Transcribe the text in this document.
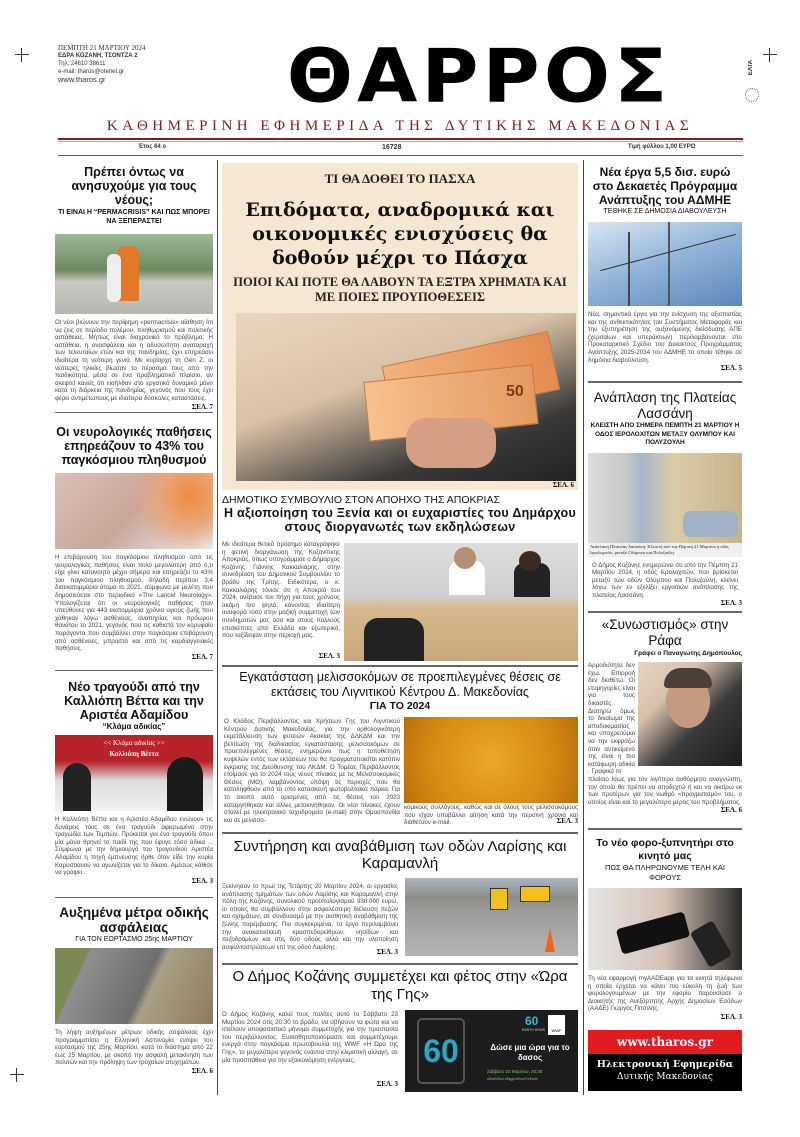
ΠΕΜΠΤΗ 21 ΜΑΡΤΙΟΥ 2024
ΕΔΡΑ ΚΟΖΑΝΗ, ΤΣΟΝΤΖΑ 2
Τηλ. 24610 38611
e-mail: tharos@otenet.gr
www.tharos.gr	ΘΑΡΡΟΣ	ΕΛΤΑ
ΚΑΘΗΜΕΡΙΝΗ ΕΦΗΜΕΡΙΔΑ ΤΗΣ ΔΥΤΙΚΗΣ ΜΑΚΕΔΟΝΙΑΣ
Έτος 64 ο	16728	Τιμή φύλλου 1,00 ΕΥΡΩ
Πρέπει όντως να ανησυχούμε για τους νέους;
ΤΙ ΕΙΝΑΙ Η “PERMACRISIS” ΚΑΙ ΠΩΣ ΜΠΟΡΕΙ ΝΑ ΞΕΠΕΡΑΣΤΕΙ
Οι νέοι βιώνουν την περίφημη «permacrisis» αίσθηση ότι να ζεις σε περίοδο πολέμου, πληθωρισμού και πολιτικής αστάθειας. Μήπως είναι διαχρονικό το πρόβλημα; Η αστάθεια, η ανασφάλεια και η αδυσώπητη αναταραχή των τελευταίων ετών και της πανδημίας, έχει επηρεάσει ιδιαίτερα τη νεότερη γενιά. Με κυρίαρχη τη Gen Z, οι νεότερες ηλικίες βίωσαν το πέρασμά τους από την παιδικότητα, μέσα σε ένα προβληματικό πλαίσιο, αν σκεφτεί κανείς ότι εισήλθαν στο εργατικό δυναμικό μόνο κατά τη διάρκεια της πανδημίας, γεγονός που τους έχει φέρει αντιμέτωπους με ιδιαίτερα δύσκολες καταστάσεις.
ΣΕΛ. 7
Οι νευρολογικές παθήσεις επηρεάζουν το 43% του παγκόσμιου πληθυσμού
Η επιβάρυνση του παγκόσμιου πληθυσμού από τις νευρολογικές παθήσεις είναι πολύ μεγαλύτερη από ό,τι είχε γίνει κατανοητό μέχρι σήμερα και επηρεάζει το 43% του παγκόσμιου πληθυσμού, δηλαδή περίπου 3,4 δισεκατομμύρια άτομα το 2021, σύμφωνα με μελέτη που δημοσιεύεται στο περιοδικό «The Lancet Neurology». Υπολογίζεται ότι οι νευρολογικές παθήσεις ήταν υπεύθυνες για 443 εκατομμύρια χρόνια υγιούς ζωής που χάθηκαν λόγω ασθένειας, αναπηρίας και πρόωρου θανάτου το 2021, γεγονός που τις καθιστά τον κορυφαίο παράγοντα που συμβάλλει στην παγκόσμια επιβάρυνση από ασθένειες, μπροστά και από τις καρδιαγγειακές παθήσεις.
ΣΕΛ. 7
Νέο τραγούδι από την Καλλιόπη Βέττα και την Αριστέα Αδαμίδου
“Κλάμα αδικίας”
<< Κλάμα αδικίας >>
Καλλιόπη Βέττα
Η Καλλιόπη Βέττα και η Αριστέα Αδαμίδου ενώνουν τις δυνάμεις τους σε ένα τραγούδι αφιερωμένο στην τραγωδία των Τεμπών. Πρόκειται για ένα τραγούδι όπου μία μάνα θρηνεί το παιδί της που έφυγε τόσο άδικα ... Σύμφωνα με την δημιουργό του τραγουδιού Αριστέα Αδαμίδου η πηγή έμπνευσης ήρθε όταν είδε την κυρία Καρυστιανού να αγωνίζεται για το δίκαιο. Αμέσως κάθισε να γράψει .
ΣΕΛ. 3
Αυξημένα μέτρα οδικής ασφάλειας
ΓΙΑ ΤΟΝ ΕΟΡΤΑΣΜΟ 25ης ΜΑΡΤΙΟΥ
Τη λήψη αυξημένων μέτρων οδικής ασφάλειας έχει προγραμματίσει η Ελληνική Αστυνομία ενόψει του εορτασμού της 25ης Μαρτίου, κατά το διάστημα από 22 έως 25 Μαρτίου, με σκοπό την ασφαλή μετακίνηση των πολιτών και την πρόληψη των τροχαίων ατυχημάτων.
ΣΕΛ. 6
ΤΙ ΘΑ ΔΟΘΕΙ ΤΟ ΠΑΣΧΑ
Επιδόματα, αναδρομικά και οικονομικές ενισχύσεις θα δοθούν μέχρι το Πάσχα
ΠΟΙΟΙ ΚΑΙ ΠΟΤΕ ΘΑ ΛΑΒΟΥΝ ΤΑ ΕΞΤΡΑ ΧΡΗΜΑΤΑ ΚΑΙ ΜΕ ΠΟΙΕΣ ΠΡΟΥΠΟΘΕΣΕΙΣ
50
ΣΕΛ. 6
ΔΗΜΟΤΙΚΟ ΣΥΜΒΟΥΛΙΟ ΣΤΟΝ ΑΠΟΗΧΟ ΤΗΣ ΑΠΟΚΡΙΑΣ
Η αξιοποίηση του Ξενία και οι ευχαριστίες του Δημάρχου στους διοργανωτές των εκδηλώσεων
Με ιδιαίτερα θετικό πρόσημο καταγράφηκε η φετινή διοργάνωση της Κοζανίτικης Αποκριάς, όπως υπογράμμισε ο Δήμαρχος Κοζάνης Γιάννης Κακκαλιάρης, στην συνεδρίαση του Δημοτικού Συμβουλίου το βράδυ της Τρίτης. Ειδικότερα, ο κ. Κακκαλιάρης τόνισε ότι η Αποκριά του 2024, ανέβασε τον πήχη για τους χρόνους ακόμη πιο ψηλά, κάνοντας ιδιαίτερη αναφορά τόσο στην μαζική συμμετοχή των συνδημοτών μας όσο και στους πολλούς επισκέπτες από Ελλάδα και εξωτερικό, που ταξίδεψαν στην περιοχή μας.
ΣΕΛ. 3
Εγκατάσταση μελισσοκόμων σε προεπιλεγμένες θέσεις σε εκτάσεις του Λιγνιτικού Κέντρου Δ. Μακεδονίας
ΓΙΑ ΤΟ 2024
Ο Κλάδος Περιβάλλοντος και Χρήσεων Γης του Λιγνιτικού Κέντρου Δυτικής Μακεδονίας, για την ορθολογικότερη εκμετάλλευση των φυτειών Ακακίας της ΔΛΚΔΜ και την βελτίωση της διαδικασίας εγκατάστασης μελισσοκόμων σε προεπιλεγμένες θέσεις, ενημερώνει πως η τοποθέτηση κυψελών εντός των εκτάσεων του θα πραγματοποιείται κατόπιν έγκρισης της Διεύθυνσης του ΛΚΔΜ. Ο Τομέας Περιβάλλοντος ετοίμασε για το 2024 τους νέους πίνακες με τις Μελισσοκομικές Θέσεις (ΜΘ), λαμβάνοντας υπόψη τις περιοχές που θα καταληφθούν από τα υπό κατασκευή φωτοβολταϊκά πάρκα. Για το σκοπό αυτό ορισμένες από τις θέσεις του 2023 καταργήθηκαν και άλλες μετακινήθηκαν. Οι νέοι πίνακες έχουν σταλεί με ηλεκτρονικό ταχυδρομείο (e-mail) στην Ομοσπονδία και σε μελισσο-
κομικούς συλλόγους, καθώς και σε όλους τους μελισσοκόμους που είχαν υποβάλλει αίτηση κατά την περσινή χρονιά και διαθέτουν e-mail.	ΣΕΛ. 3
Συντήρηση και αναβάθμιση των οδών Λαρίσης και Καραμανλή
Ξεκίνησαν το πρωί της Τετάρτης 20 Μαρτίου 2024, οι εργασίες ανάπλασης τμημάτων των οδών Λαρίσης και Καραμανλή στην πόλη της Κοζάνης, συνολικού προϋπολογισμού 930.000 ευρώ, οι οποίες θα συμβάλλουν στην ασφαλέστερη διέλευση πεζών και οχημάτων, σε συνδυασμό με την αισθητική αναβάθμιση της ζώνης παρέμβασης. Πιο συγκεκριμένα, το έργο περιλαμβάνει την ανακατασκευή κρασπεδορείθρων, νησίδων και πεζοδρομίων και στις δύο οδούς αλλά και την υλοποίηση ασφαλτοστρώσεων επί της οδού Λαρίσης.
ΣΕΛ. 3
Ο Δήμος Κοζάνης συμμετέχει και φέτος στην «Ώρα της Γης»
Ο Δήμος Κοζάνης καλεί τους πολίτες αυτό το Σάββατο 23 Μαρτίου 2024 στις 20:30 το βράδυ, να σβήσουν τα φώτα και να στείλουν αποφασιστικό μήνυμα συμμετοχής για την προστασία του περιβάλλοντος. Ευαισθητοποιούμαστε και συμμετέχουμε ενεργά στην παγκόσμια πρωτοβουλία της WWF «Η Ώρα της Γης», το μεγαλύτερο γεγονός ενάντια στην κλιματική αλλαγή, σε μία προσπάθεια για την εξοικονόμηση ενέργειας.
ΣΕΛ. 3
60
60
EARTH HOUR	WWF
Δώσε μια ώρα για το δασος
Σάββατο 23 Μαρτίου, 20:30
#EarthHour #BiggestHourForEarth
Νέα έργα 5,5 δισ. ευρώ στο Δεκαετές Πρόγραμμα Ανάπτυξης του ΑΔΜΗΕ
ΤΕΘΗΚΕ ΣΕ ΔΗΜΟΣΙΑ ΔΙΑΒΟΥΛΕΥΣΗ
Νέα, σημαντικά έργα για την ενίσχυση της αξιοπιστίας και της ανθεκτικότητας του Συστήματος Μεταφοράς και την εξυπηρέτηση της αυξανόμενης διείσδυσης ΑΠΕ (χερσαίων και υπεράκτιων) περιλαμβάνονται στο Προκαταρκτικό Σχέδιο του Δεκαετούς Προγράμματος Ανάπτυξης 2025-2034 του ΑΔΜΗΕ το οποίο τέθηκε σε δημόσια διαβούλευση.
ΣΕΛ. 5
Ανάπλαση της Πλατείας Λασσάνη
ΚΛΕΙΣΤΗ ΑΠΟ ΣΗΜΕΡΑ ΠΕΜΠΤΗ 21 ΜΑΡΤΙΟΥ Η ΟΔΟΣ ΙΕΡΟΛΟΧΙΤΩΝ ΜΕΤΑΞΥ ΟΛΥΜΠΟΥ ΚΑΙ ΠΟΛΥΖΟΥΛΗ
Ανάπλαση Πλατείας Λασσάνη: Κλειστή από την Πέμπτη 21 Μαρτίου η οδός Ιερολοχιτών, μεταξύ Ολύμπου και Πολυζούλη
Ο Δήμος Κοζάνης ενημερώνει ότι από την Πέμπτη 21 Μαρτίου 2024, η οδός Ιερολοχιτών, που βρίσκεται μεταξύ των οδών Ολύμπου και Πολυζούλη, κλείνει λόγω των εν εξελίξει εργασιών ανάπλασης της πλατείας Λασσάνη.
ΣΕΛ. 3
«Συνωστισμός» στην Ράφα
Γράφει ο Παναγιώτης Δημόπουλος
Αρμοδιότητα δεν έχω. Επιρροή δεν διαθέτω. Οι ετυμηγορίες είναι για τους δικαστές. Διατηρώ όμως το δικαίωμα της αποδοκιμασίας και υποχρεούμαι να την εκφράζω όταν αντικείμενό της είναι η πιο κατάφωρη αδικία . Γραφικό το
πλαίσιο ίσως για τον λιγότερο αυθόρμητο αναγνώστη, τον οποίο θα πρέπει να αποδεχτώ ή και να οικτίρω εκ των προτέρων για τον νωθρό «πραγματισμό» του, ο οποίος είναι και το μεγαλύτερο μέρος του προβλήματος.
ΣΕΛ. 6
Το νέο φορο-ξυπνητήρι στο κινητό μας
ΠΩΣ ΘΑ ΠΛΗΡΩΝΟΥΜΕ ΤΕΛΗ ΚΑΙ ΦΟΡΟΥΣ
Τη νέα εφαρμογή myAADEapp για τα κινητά τηλέφωνα η οποία έρχεται να κάνει πιο εύκολη τη ζωή των φορολογουμένων με την εφορία παρουσίασε ο Διοικητής της Ανεξάρτητης Αρχής Δημοσίων Εσόδων (ΑΑΔΕ) Γιώργος Πιτσιλής.
ΣΕΛ. 3
www.tharos.gr
Ηλεκτρονική Εφημερίδα
Δυτικής Μακεδονίας
